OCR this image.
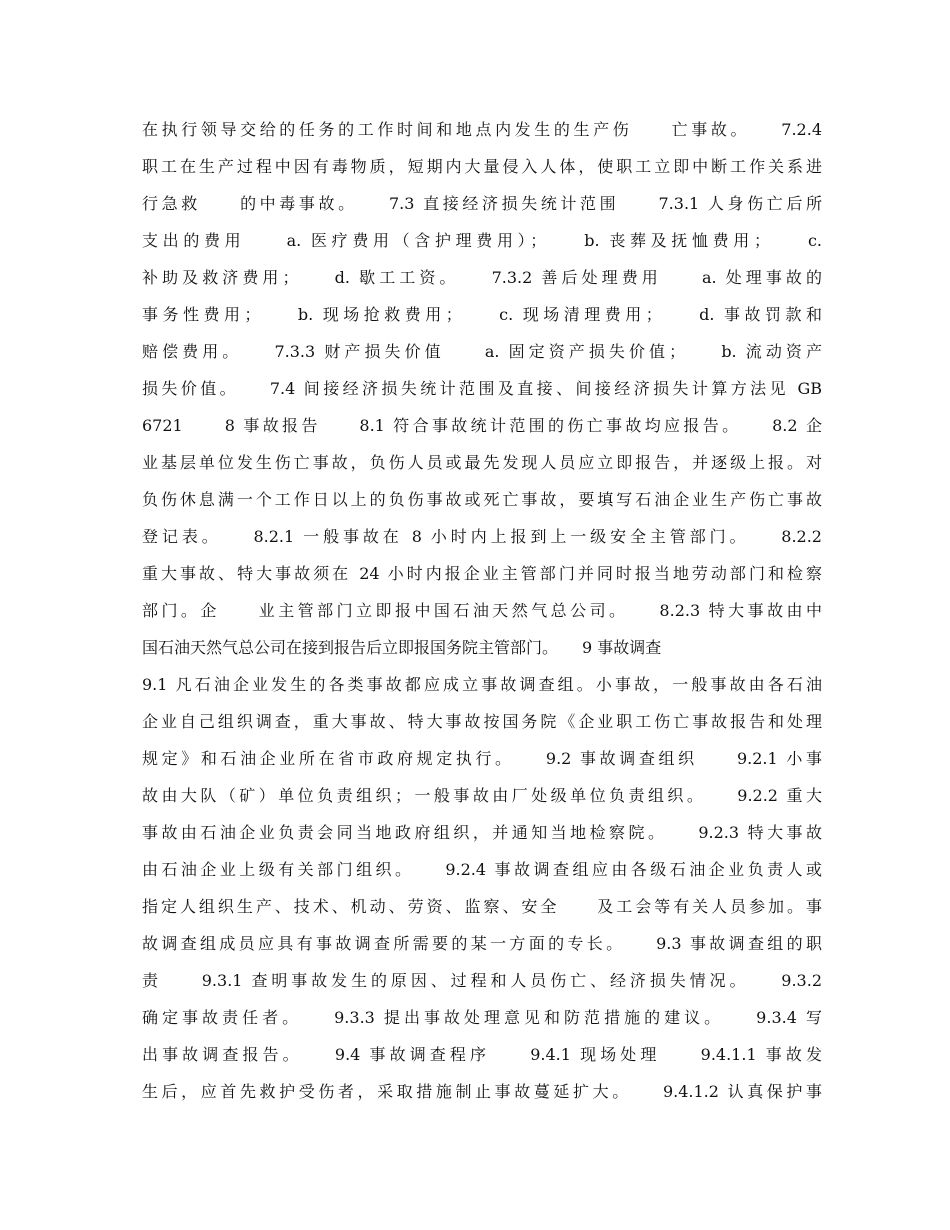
在执行领导交给的任务的工作时间和地点内发生的生产伤　　亡事故。　　7.2.4
职工在生产过程中因有毒物质，短期内大量侵入人体，使职工立即中断工作关系进
行急救　　的中毒事故。　　7.3 直接经济损失统计范围　　7.3.1 人身伤亡后所
支出的费用　　a. 医疗费用（含护理费用）；　　b. 丧葬及抚恤费用；　　c.
补助及救济费用；　　d. 歇工工资。　　7.3.2 善后处理费用　　a. 处理事故的
事务性费用；　　b. 现场抢救费用；　　c. 现场清理费用；　　d. 事故罚款和
赔偿费用。　　7.3.3 财产损失价值　　a. 固定资产损失价值；　　b. 流动资产
损失价值。　　7.4 间接经济损失统计范围及直接、间接经济损失计算方法见 GB
6721　　8 事故报告　　8.1 符合事故统计范围的伤亡事故均应报告。　　8.2 企
业基层单位发生伤亡事故，负伤人员或最先发现人员应立即报告，并逐级上报。对
负伤休息满一个工作日以上的负伤事故或死亡事故，要填写石油企业生产伤亡事故
登记表。　　8.2.1 一般事故在 8 小时内上报到上一级安全主管部门。　　8.2.2
重大事故、特大事故须在 24 小时内报企业主管部门并同时报当地劳动部门和检察
部门。企　　业主管部门立即报中国石油天然气总公司。　　8.2.3 特大事故由中
国石油天然气总公司在接到报告后立即报国务院主管部门。　　9 事故调查
9.1 凡石油企业发生的各类事故都应成立事故调查组。小事故，一般事故由各石油
企业自己组织调查，重大事故、特大事故按国务院《企业职工伤亡事故报告和处理
规定》和石油企业所在省市政府规定执行。　　9.2 事故调查组织　　9.2.1 小事
故由大队（矿）单位负责组织；一般事故由厂处级单位负责组织。　　9.2.2 重大
事故由石油企业负责会同当地政府组织，并通知当地检察院。　　9.2.3 特大事故
由石油企业上级有关部门组织。　　9.2.4 事故调查组应由各级石油企业负责人或
指定人组织生产、技术、机动、劳资、监察、安全　　及工会等有关人员参加。事
故调查组成员应具有事故调查所需要的某一方面的专长。　　9.3 事故调查组的职
责　　9.3.1 查明事故发生的原因、过程和人员伤亡、经济损失情况。　　9.3.2
确定事故责任者。　　9.3.3 提出事故处理意见和防范措施的建议。　　9.3.4 写
出事故调查报告。　　9.4 事故调查程序　　9.4.1 现场处理　　9.4.1.1 事故发
生后，应首先救护受伤者，采取措施制止事故蔓延扩大。　　9.4.1.2 认真保护事
